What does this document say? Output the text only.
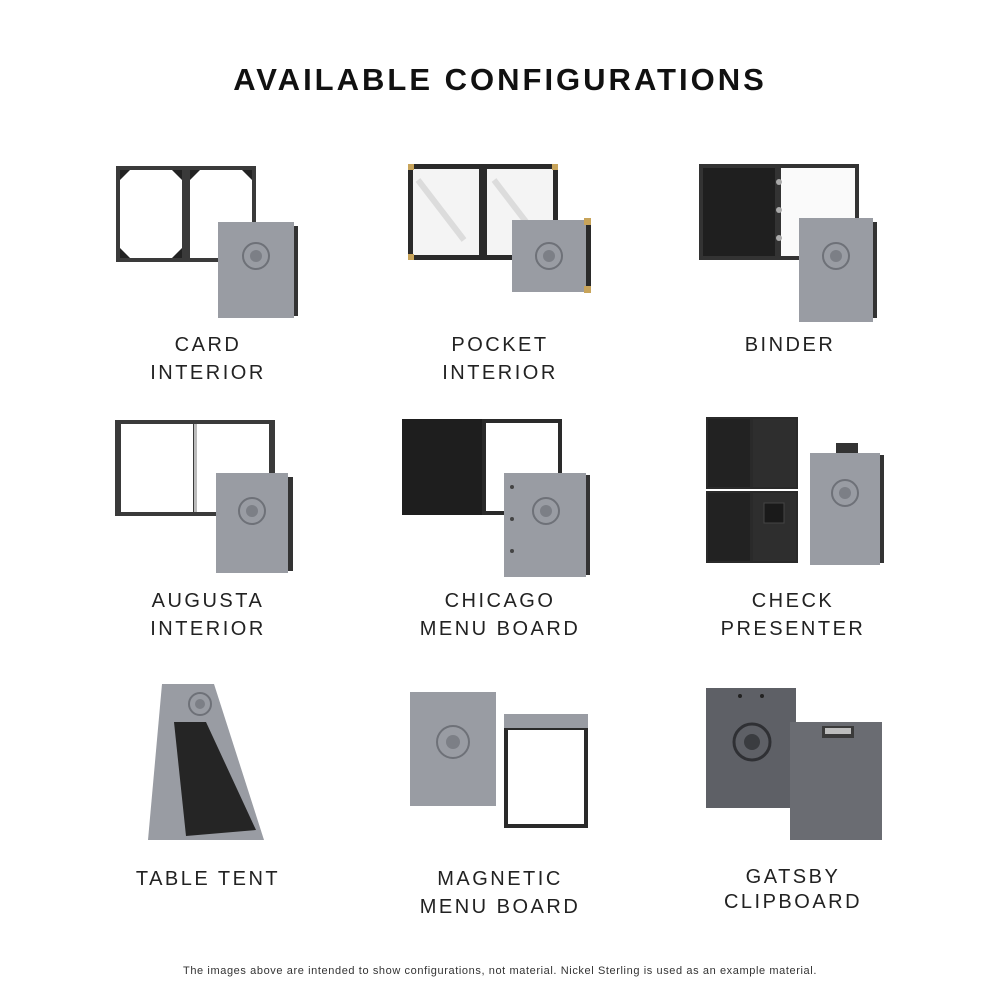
AVAILABLE CONFIGURATIONS
CARD
INTERIOR
POCKET
INTERIOR
BINDER
AUGUSTA
INTERIOR
CHICAGO
MENU BOARD
CHECK
PRESENTER
TABLE TENT	MAGNETIC
MENU BOARD
GATSBY
CLIPBOARD
The images above are intended to show configurations, not material. Nickel Sterling is used as an example material.
